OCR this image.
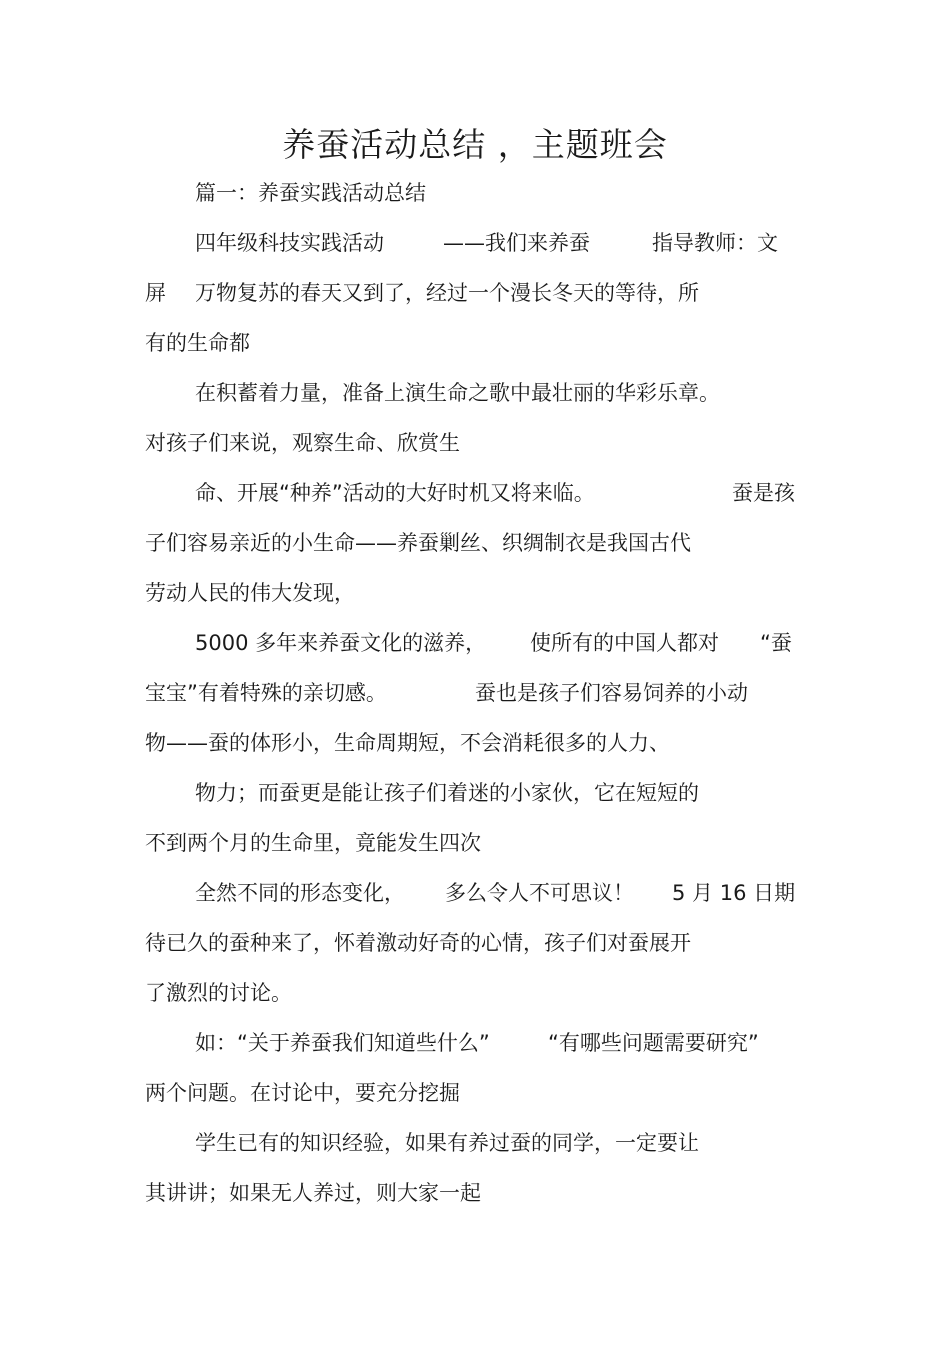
养蚕活动总结 ，主题班会
篇一：养蚕实践活动总结
四年级科技实践活动	——我们来养蚕	指导教师：文
屏 万物复苏的春天又到了，经过一个漫长冬天的等待，所
有的生命都
在积蓄着力量，准备上演生命之歌中最壮丽的华彩乐章。
对孩子们来说，观察生命、欣赏生
命、开展“种养”活动的大好时机又将来临。	蚕是孩
子们容易亲近的小生命——养蚕剿丝、织绸制衣是我国古代
劳动人民的伟大发现，
5000 多年来养蚕文化的滋养， 使所有的中国人都对 “蚕
宝宝”有着特殊的亲切感。	蚕也是孩子们容易饲养的小动
物——蚕的体形小，生命周期短，不会消耗很多的人力、
物力；而蚕更是能让孩子们着迷的小家伙，它在短短的
不到两个月的生命里，竟能发生四次
全然不同的形态变化， 多么令人不可思议！ 5 月 16 日期
待已久的蚕种来了，怀着激动好奇的心情，孩子们对蚕展开
了激烈的讨论。
如：“关于养蚕我们知道些什么”	“有哪些问题需要研究”
两个问题。在讨论中，要充分挖掘
学生已有的知识经验，如果有养过蚕的同学，一定要让
其讲讲；如果无人养过，则大家一起
